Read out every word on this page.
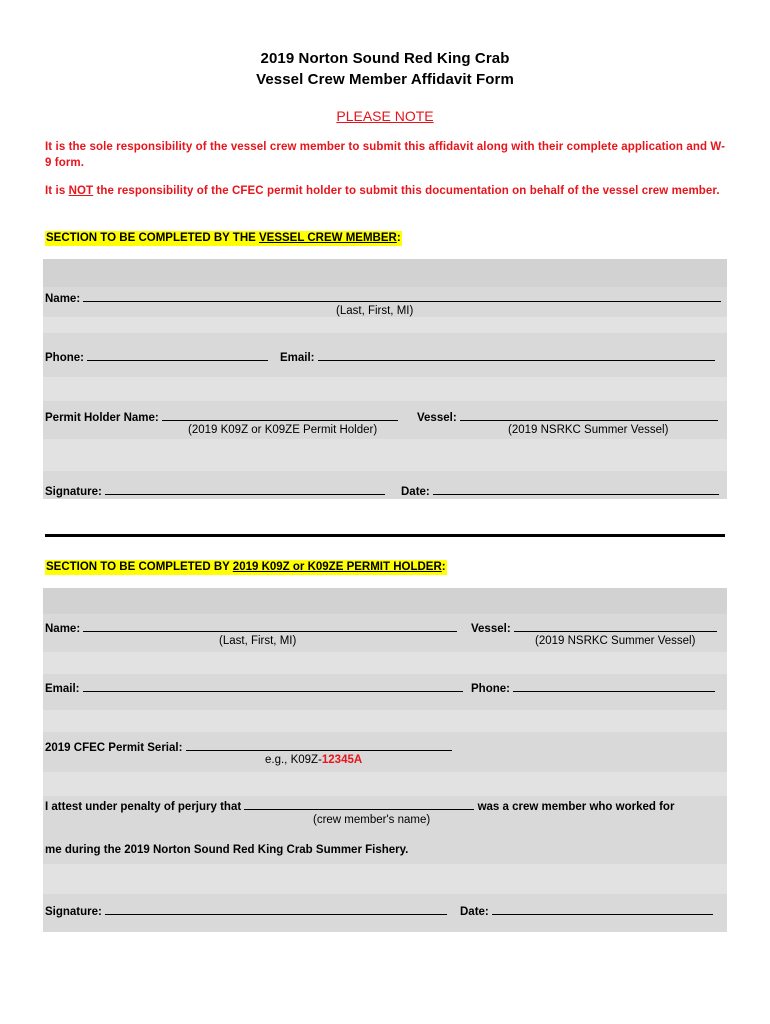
2019 Norton Sound Red King Crab
Vessel Crew Member Affidavit Form
PLEASE NOTE
It is the sole responsibility of the vessel crew member to submit this affidavit along with their complete application and W-9 form.
It is NOT the responsibility of the CFEC permit holder to submit this documentation on behalf of the vessel crew member.
SECTION TO BE COMPLETED BY THE VESSEL CREW MEMBER:
Name:
(Last, First, MI)
Phone:	Email:
Permit Holder Name:
(2019 K09Z or K09ZE Permit Holder)
Vessel:
(2019 NSRKC Summer Vessel)
Signature:	Date:
SECTION TO BE COMPLETED BY 2019 K09Z or K09ZE PERMIT HOLDER:
Name:
(Last, First, MI)
Vessel:
(2019 NSRKC Summer Vessel)
Email:	Phone:
2019 CFEC Permit Serial:
e.g., K09Z-12345A
I attest under penalty of perjury that	was a crew member who worked for
(crew member's name)
me during the 2019 Norton Sound Red King Crab Summer Fishery.
Signature:	Date:
